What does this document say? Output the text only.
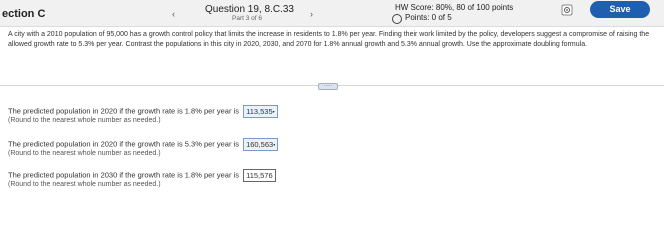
ection C	‹	Question 19, 8.C.33
Part 3 of 6	›
HW Score: 80%, 80 of 100 points
Points: 0 of 5
Save
A city with a 2010 population of 95,000 has a growth control policy that limits the increase in residents to 1.8% per year. Finding their work limited by the policy, developers suggest a compromise of raising the allowed growth rate to 5.3% per year. Contrast the populations in this city in 2020, 2030, and 2070 for 1.8% annual growth and 5.3% annual growth. Use the approximate doubling formula.
·····
The predicted population in 2020 if the growth rate is 1.8% per year is 113,535▾
(Round to the nearest whole number as needed.)
The predicted population in 2020 if the growth rate is 5.3% per year is 160,563▾
(Round to the nearest whole number as needed.)
The predicted population in 2030 if the growth rate is 1.8% per year is 115,576
(Round to the nearest whole number as needed.)
